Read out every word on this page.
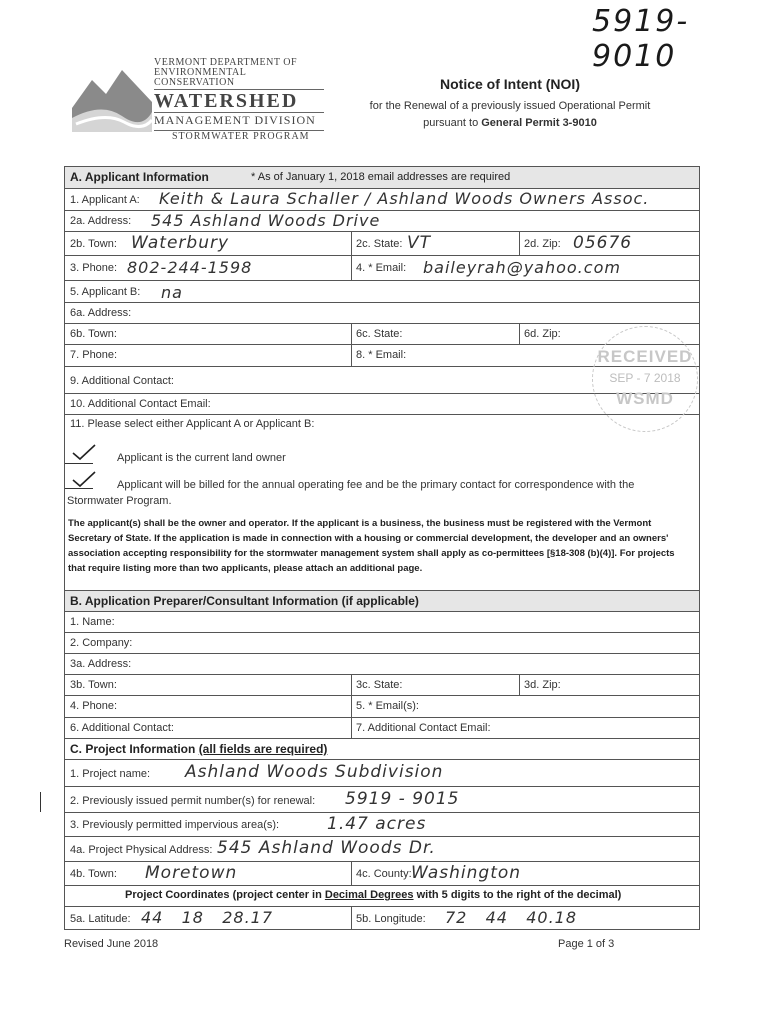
5919-9010
VERMONT DEPARTMENT OF
ENVIRONMENTAL CONSERVATION
WATERSHED
MANAGEMENT DIVISION
STORMWATER PROGRAM
Notice of Intent (NOI)
for the Renewal of a previously issued Operational Permit
pursuant to General Permit 3-9010
A. Applicant Information	* As of January 1, 2018 email addresses are required
1. Applicant A: Keith & Laura Schaller / Ashland Woods Owners Assoc.
2a. Address: 545 Ashland Woods Drive
2b. Town: Waterbury	2c. State: VT	2d. Zip: 05676
3. Phone: 802-244-1598	4. * Email: baileyrah@yahoo.com
5. Applicant B: na
6a. Address:
6b. Town:	6c. State:	6d. Zip:
7. Phone:	8. * Email:
9. Additional Contact:
10. Additional Contact Email:
11. Please select either Applicant A or Applicant B:
Applicant is the current land owner
Applicant will be billed for the annual operating fee and be the primary contact for correspondence with the Stormwater Program.
The applicant(s) shall be the owner and operator. If the applicant is a business, the business must be registered with the Vermont Secretary of State. If the application is made in connection with a housing or commercial development, the developer and an owners' association accepting responsibility for the stormwater management system shall apply as co-permittees [§18-308 (b)(4)]. For projects that require listing more than two applicants, please attach an additional page.
B. Application Preparer/Consultant Information (if applicable)
1. Name:
2. Company:
3a. Address:
3b. Town:	3c. State:	3d. Zip:
4. Phone:	5. * Email(s):
6. Additional Contact:	7. Additional Contact Email:
C. Project Information (all fields are required)
1. Project name: Ashland Woods Subdivision
2. Previously issued permit number(s) for renewal: 5919 - 9015
3. Previously permitted impervious area(s):	1.47 acres
4a. Project Physical Address: 545 Ashland Woods Dr.
4b. Town: Moretown	4c. County: Washington
Project Coordinates (project center in Decimal Degrees with 5 digits to the right of the decimal)
5a. Latitude: 44   18   28.17	5b. Longitude: 72   44   40.18
RECEIVED
SEP - 7 2018
WSMD
Revised June 2018	Page 1 of 3
